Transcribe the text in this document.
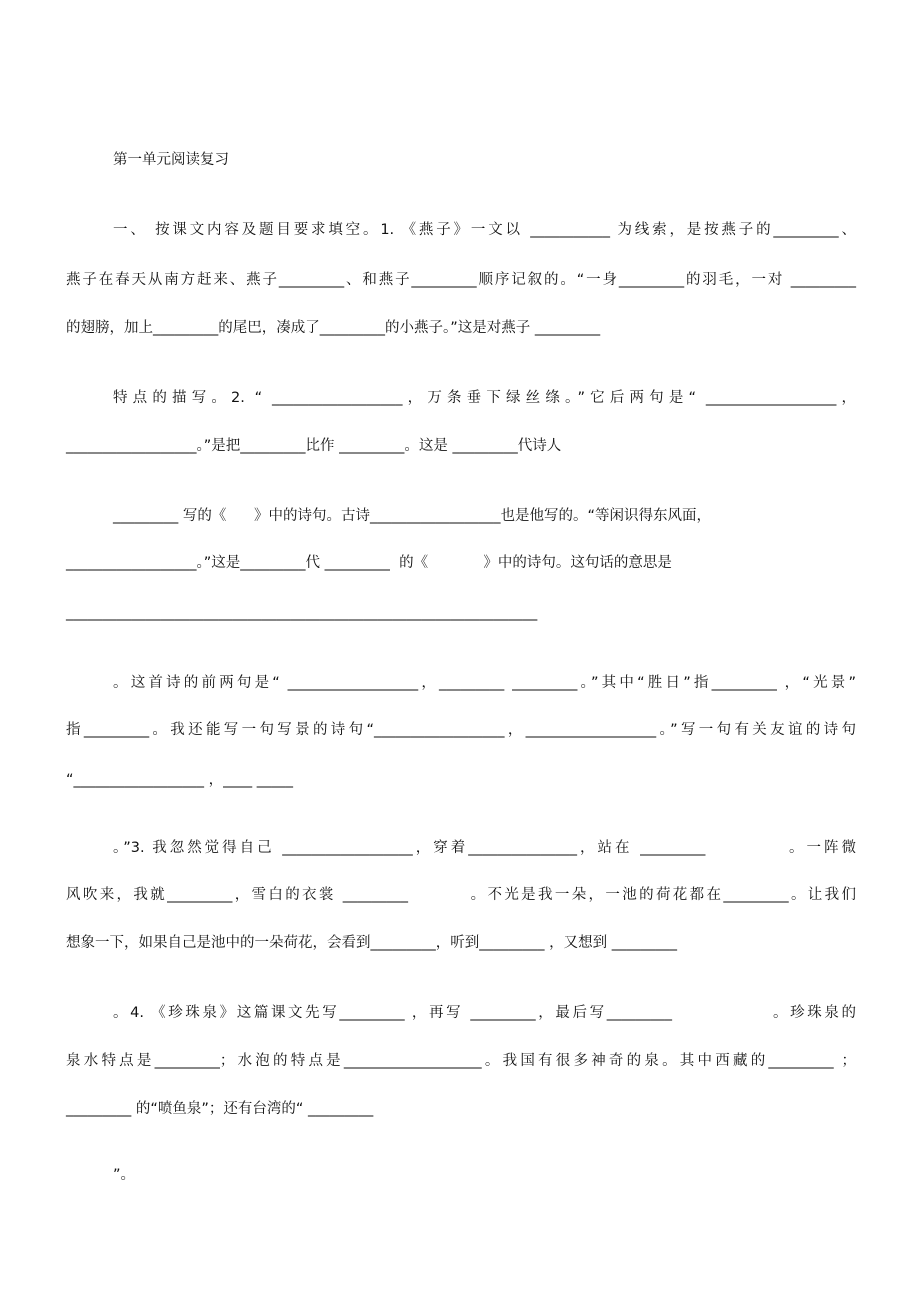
第一单元阅读复习
一、 按课文内容及题目要求填空。1. 《燕子》一文以 ___________ 为线索，是按燕子的_________、
燕子在春天从南方赶来、燕子_________、和燕子_________顺序记叙的。“一身_________的羽毛，一对 _________
的翅膀，加上_________的尾巴，凑成了_________的小燕子。”这是对燕子 _________
特点的描写。2. “ __________________，万条垂下绿丝绦。”它后两句是“ __________________，
__________________。”是把_________比作 _________。这是 _________代诗人
_________ 写的《      》中的诗句。古诗__________________也是他写的。“等闲识得东风面，
__________________。”这是_________代 _________  的《            》中的诗句。这句话的意思是
_________________________________________________________________
。这首诗的前两句是“ __________________，_________ _________。”其中“胜日”指_________ ，“光景”
指_________。我还能写一句写景的诗句“__________________，__________________。”写一句有关友谊的诗句
“__________________ ，____ _____
。”3. 我忽然觉得自己 __________________，穿着_______________，站在 _________           。一阵微
风吹来，我就_________，雪白的衣裳 _________         。不光是我一朵，一池的荷花都在_________。让我们
想象一下，如果自己是池中的一朵荷花，会看到_________，听到_________ ，又想到 _________
。4. 《珍珠泉》这篇课文先写_________ ，再写 _________，最后写_________              。珍珠泉的
泉水特点是_________；水泡的特点是___________________。我国有很多神奇的泉。其中西藏的_________ ；
_________ 的“喷鱼泉”；还有台湾的“ _________
”。
